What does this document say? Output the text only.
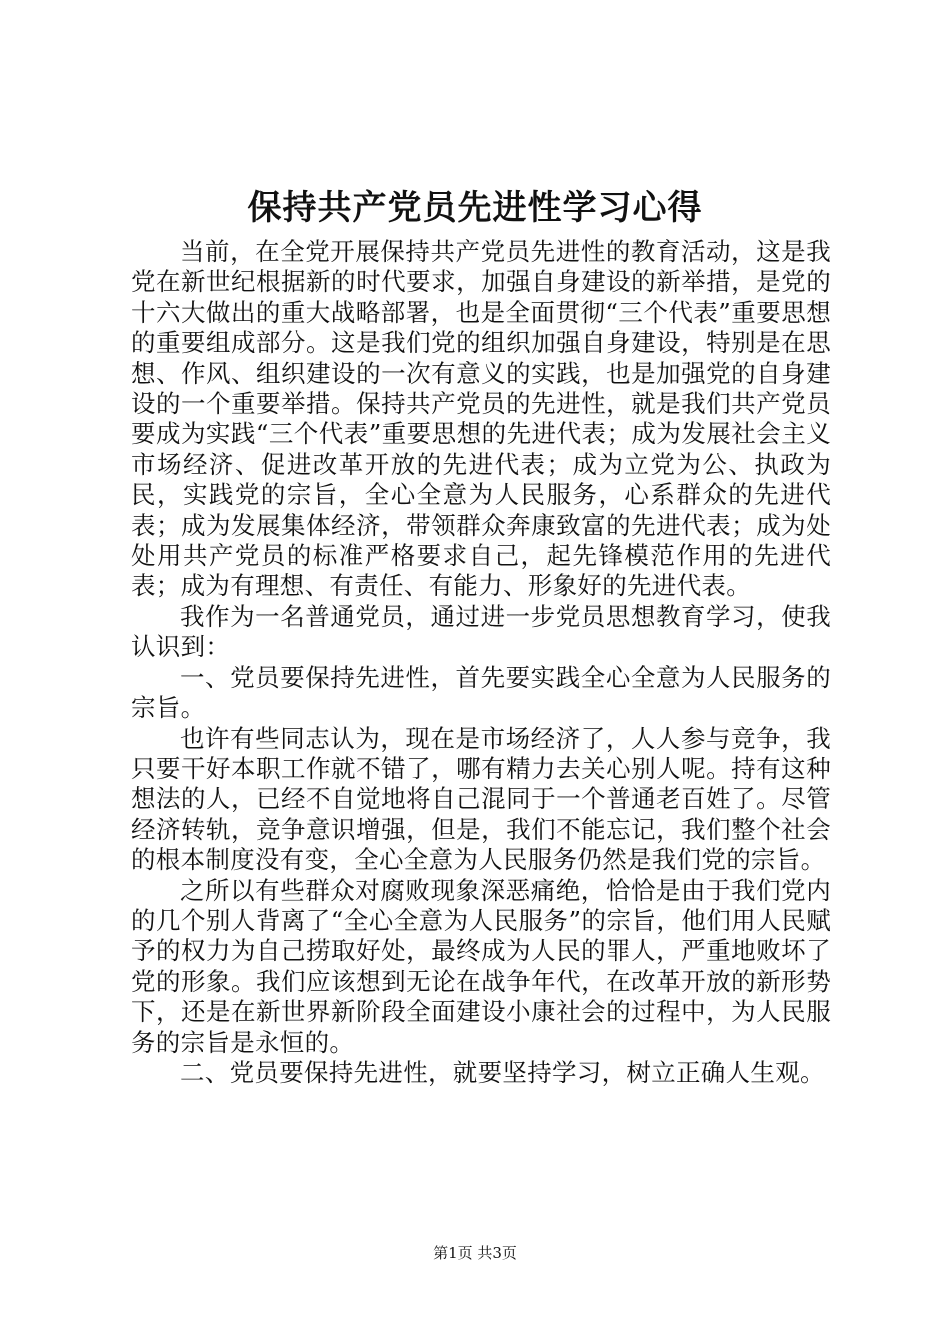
保持共产党员先进性学习心得

当前，在全党开展保持共产党员先进性的教育活动，这是我党在新世纪根据新的时代要求，加强自身建设的新举措，是党的十六大做出的重大战略部署，也是全面贯彻“三个代表”重要思想的重要组成部分。这是我们党的组织加强自身建设，特别是在思想、作风、组织建设的一次有意义的实践，也是加强党的自身建设的一个重要举措。保持共产党员的先进性，就是我们共产党员要成为实践“三个代表”重要思想的先进代表；成为发展社会主义市场经济、促进改革开放的先进代表；成为立党为公、执政为民，实践党的宗旨，全心全意为人民服务，心系群众的先进代表；成为发展集体经济，带领群众奔康致富的先进代表；成为处处用共产党员的标准严格要求自己，起先锋模范作用的先进代表；成为有理想、有责任、有能力、形象好的先进代表。

我作为一名普通党员，通过进一步党员思想教育学习，使我认识到：

一、党员要保持先进性，首先要实践全心全意为人民服务的宗旨。

也许有些同志认为，现在是市场经济了，人人参与竞争，我只要干好本职工作就不错了，哪有精力去关心别人呢。持有这种想法的人，已经不自觉地将自己混同于一个普通老百姓了。尽管经济转轨，竞争意识增强，但是，我们不能忘记，我们整个社会的根本制度没有变，全心全意为人民服务仍然是我们党的宗旨。

之所以有些群众对腐败现象深恶痛绝，恰恰是由于我们党内的几个别人背离了“全心全意为人民服务”的宗旨，他们用人民赋予的权力为自己捞取好处，最终成为人民的罪人，严重地败坏了党的形象。我们应该想到无论在战争年代，在改革开放的新形势下，还是在新世界新阶段全面建设小康社会的过程中，为人民服务的宗旨是永恒的。

二、党员要保持先进性，就要坚持学习，树立正确人生观。

第1页 共3页
